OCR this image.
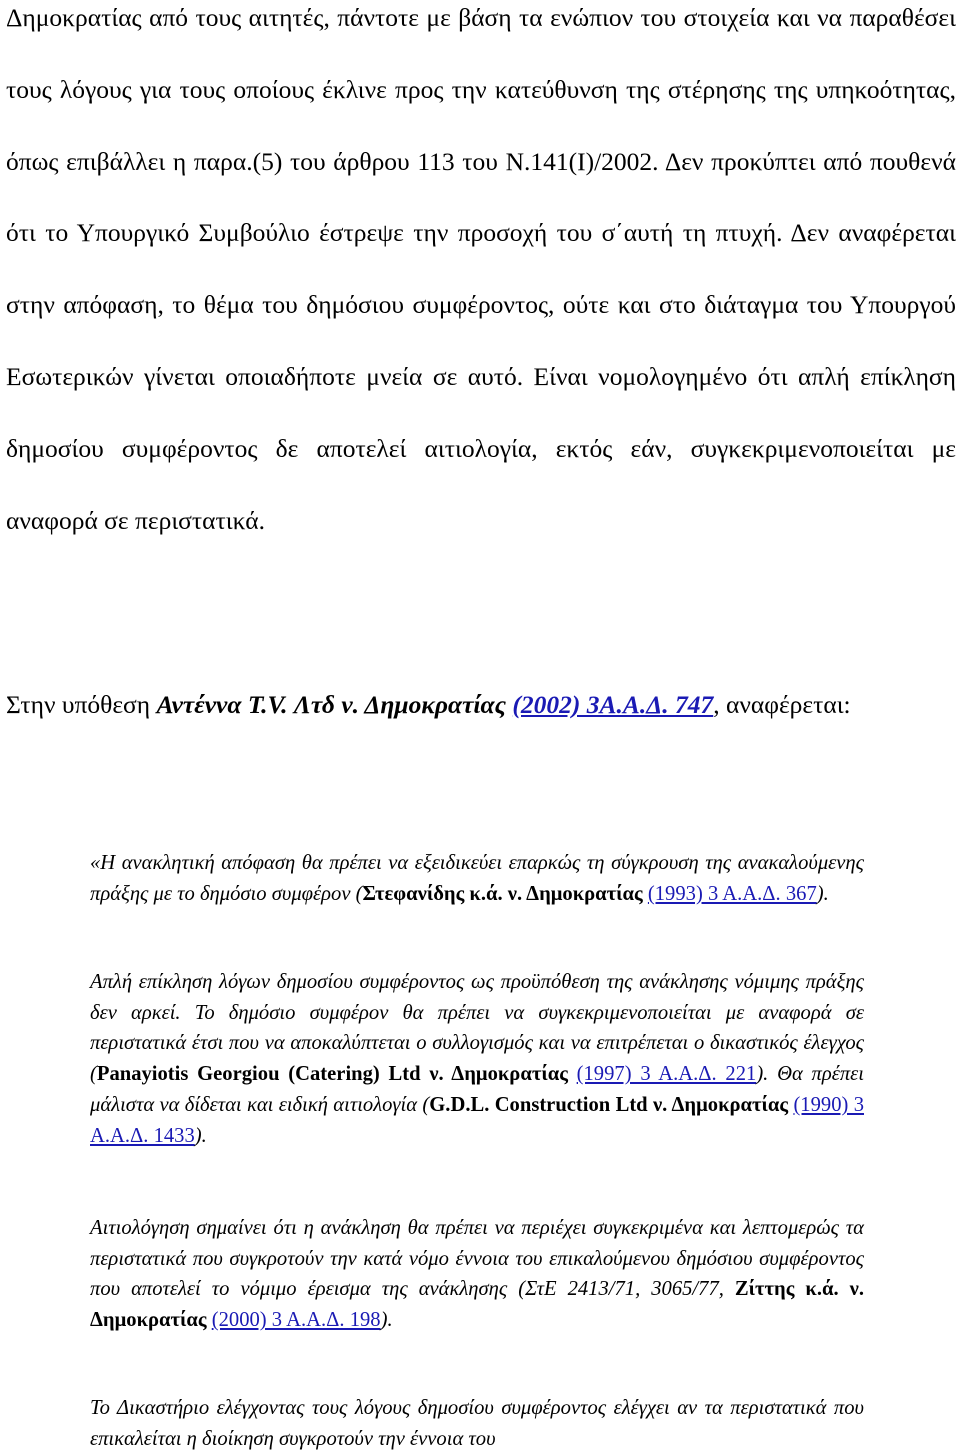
Δημοκρατίας από τους αιτητές, πάντοτε με βάση τα ενώπιον του στοιχεία και να παραθέσει τους λόγους για τους οποίους έκλινε προς την κατεύθυνση της στέρησης της υπηκοότητας, όπως επιβάλλει η παρα.(5) του άρθρου 113 του Ν.141(Ι)/2002. Δεν προκύπτει από πουθενά ότι το Υπουργικό Συμβούλιο έστρεψε την προσοχή του σ΄αυτή τη πτυχή. Δεν αναφέρεται στην απόφαση, το θέμα του δημόσιου συμφέροντος, ούτε και στο διάταγμα του Υπουργού Εσωτερικών γίνεται οποιαδήποτε μνεία σε αυτό. Είναι νομολογημένο ότι απλή επίκληση δημοσίου συμφέροντος δε αποτελεί αιτιολογία, εκτός εάν, συγκεκριμενοποιείται με αναφορά σε περιστατικά.

Στην υπόθεση Αντέννα T.V. Λτδ ν. Δημοκρατίας (2002) 3Α.Α.Δ. 747, αναφέρεται:

«Η ανακλητική απόφαση θα πρέπει να εξειδικεύει επαρκώς τη σύγκρουση της ανακαλούμενης πράξης με το δημόσιο συμφέρον (Στεφανίδης κ.ά. ν. Δημοκρατίας (1993) 3 Α.Α.Δ. 367).

Απλή επίκληση λόγων δημοσίου συμφέροντος ως προϋπόθεση της ανάκλησης νόμιμης πράξης δεν αρκεί. Το δημόσιο συμφέρον θα πρέπει να συγκεκριμενοποιείται με αναφορά σε περιστατικά έτσι που να αποκαλύπτεται ο συλλογισμός και να επιτρέπεται ο δικαστικός έλεγχος (Panayiotis Georgiou (Catering) Ltd ν. Δημοκρατίας (1997) 3 Α.Α.Δ. 221). Θα πρέπει μάλιστα να δίδεται και ειδική αιτιολογία (G.D.L. Construction Ltd ν. Δημοκρατίας (1990) 3 Α.Α.Δ. 1433).

Αιτιολόγηση σημαίνει ότι η ανάκληση θα πρέπει να περιέχει συγκεκριμένα και λεπτομερώς τα περιστατικά που συγκροτούν την κατά νόμο έννοια του επικαλούμενου δημόσιου συμφέροντος που αποτελεί το νόμιμο έρεισμα της ανάκλησης (ΣτΕ 2413/71, 3065/77, Ζίττης κ.ά. ν. Δημοκρατίας (2000) 3 Α.Α.Δ. 198).

Το Δικαστήριο ελέγχοντας τους λόγους δημοσίου συμφέροντος ελέγχει αν τα περιστατικά που επικαλείται η διοίκηση συγκροτούν την έννοια του
